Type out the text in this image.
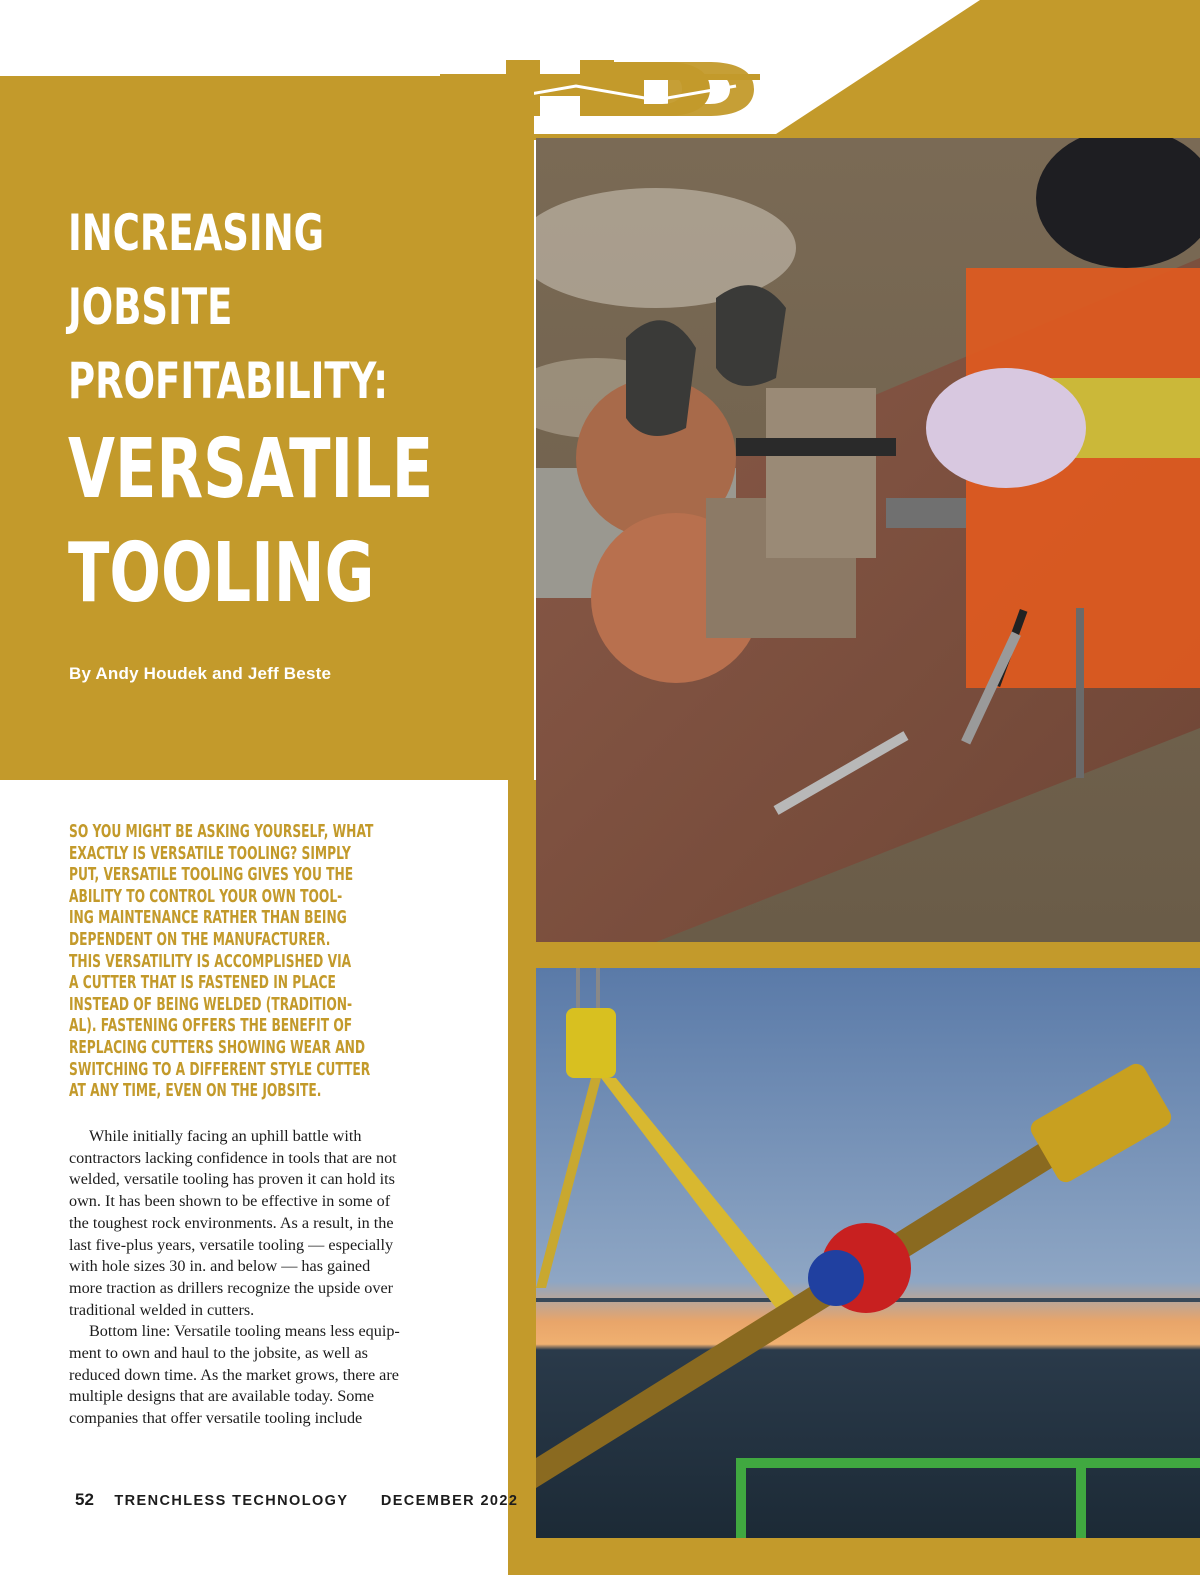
INCREASING
JOBSITE
PROFITABILITY:
VERSATILE
TOOLING
By Andy Houdek and Jeff Beste
SO YOU MIGHT BE ASKING YOURSELF, WHAT
EXACTLY IS VERSATILE TOOLING? SIMPLY
PUT, VERSATILE TOOLING GIVES YOU THE
ABILITY TO CONTROL YOUR OWN TOOL-
ING MAINTENANCE RATHER THAN BEING
DEPENDENT ON THE MANUFACTURER.
THIS VERSATILITY IS ACCOMPLISHED VIA
A CUTTER THAT IS FASTENED IN PLACE
INSTEAD OF BEING WELDED (TRADITION-
AL). FASTENING OFFERS THE BENEFIT OF
REPLACING CUTTERS SHOWING WEAR AND
SWITCHING TO A DIFFERENT STYLE CUTTER
AT ANY TIME, EVEN ON THE JOBSITE.
While initially facing an uphill battle with
contractors lacking confidence in tools that are not
welded, versatile tooling has proven it can hold its
own. It has been shown to be effective in some of
the toughest rock environments. As a result, in the
last five-plus years, versatile tooling — especially
with hole sizes 30 in. and below — has gained
more traction as drillers recognize the upside over
traditional welded in cutters.
Bottom line: Versatile tooling means less equip-
ment to own and haul to the jobsite, as well as
reduced down time. As the market grows, there are
multiple designs that are available today. Some
companies that offer versatile tooling include
52 TRENCHLESS TECHNOLOGY DECEMBER 2022
